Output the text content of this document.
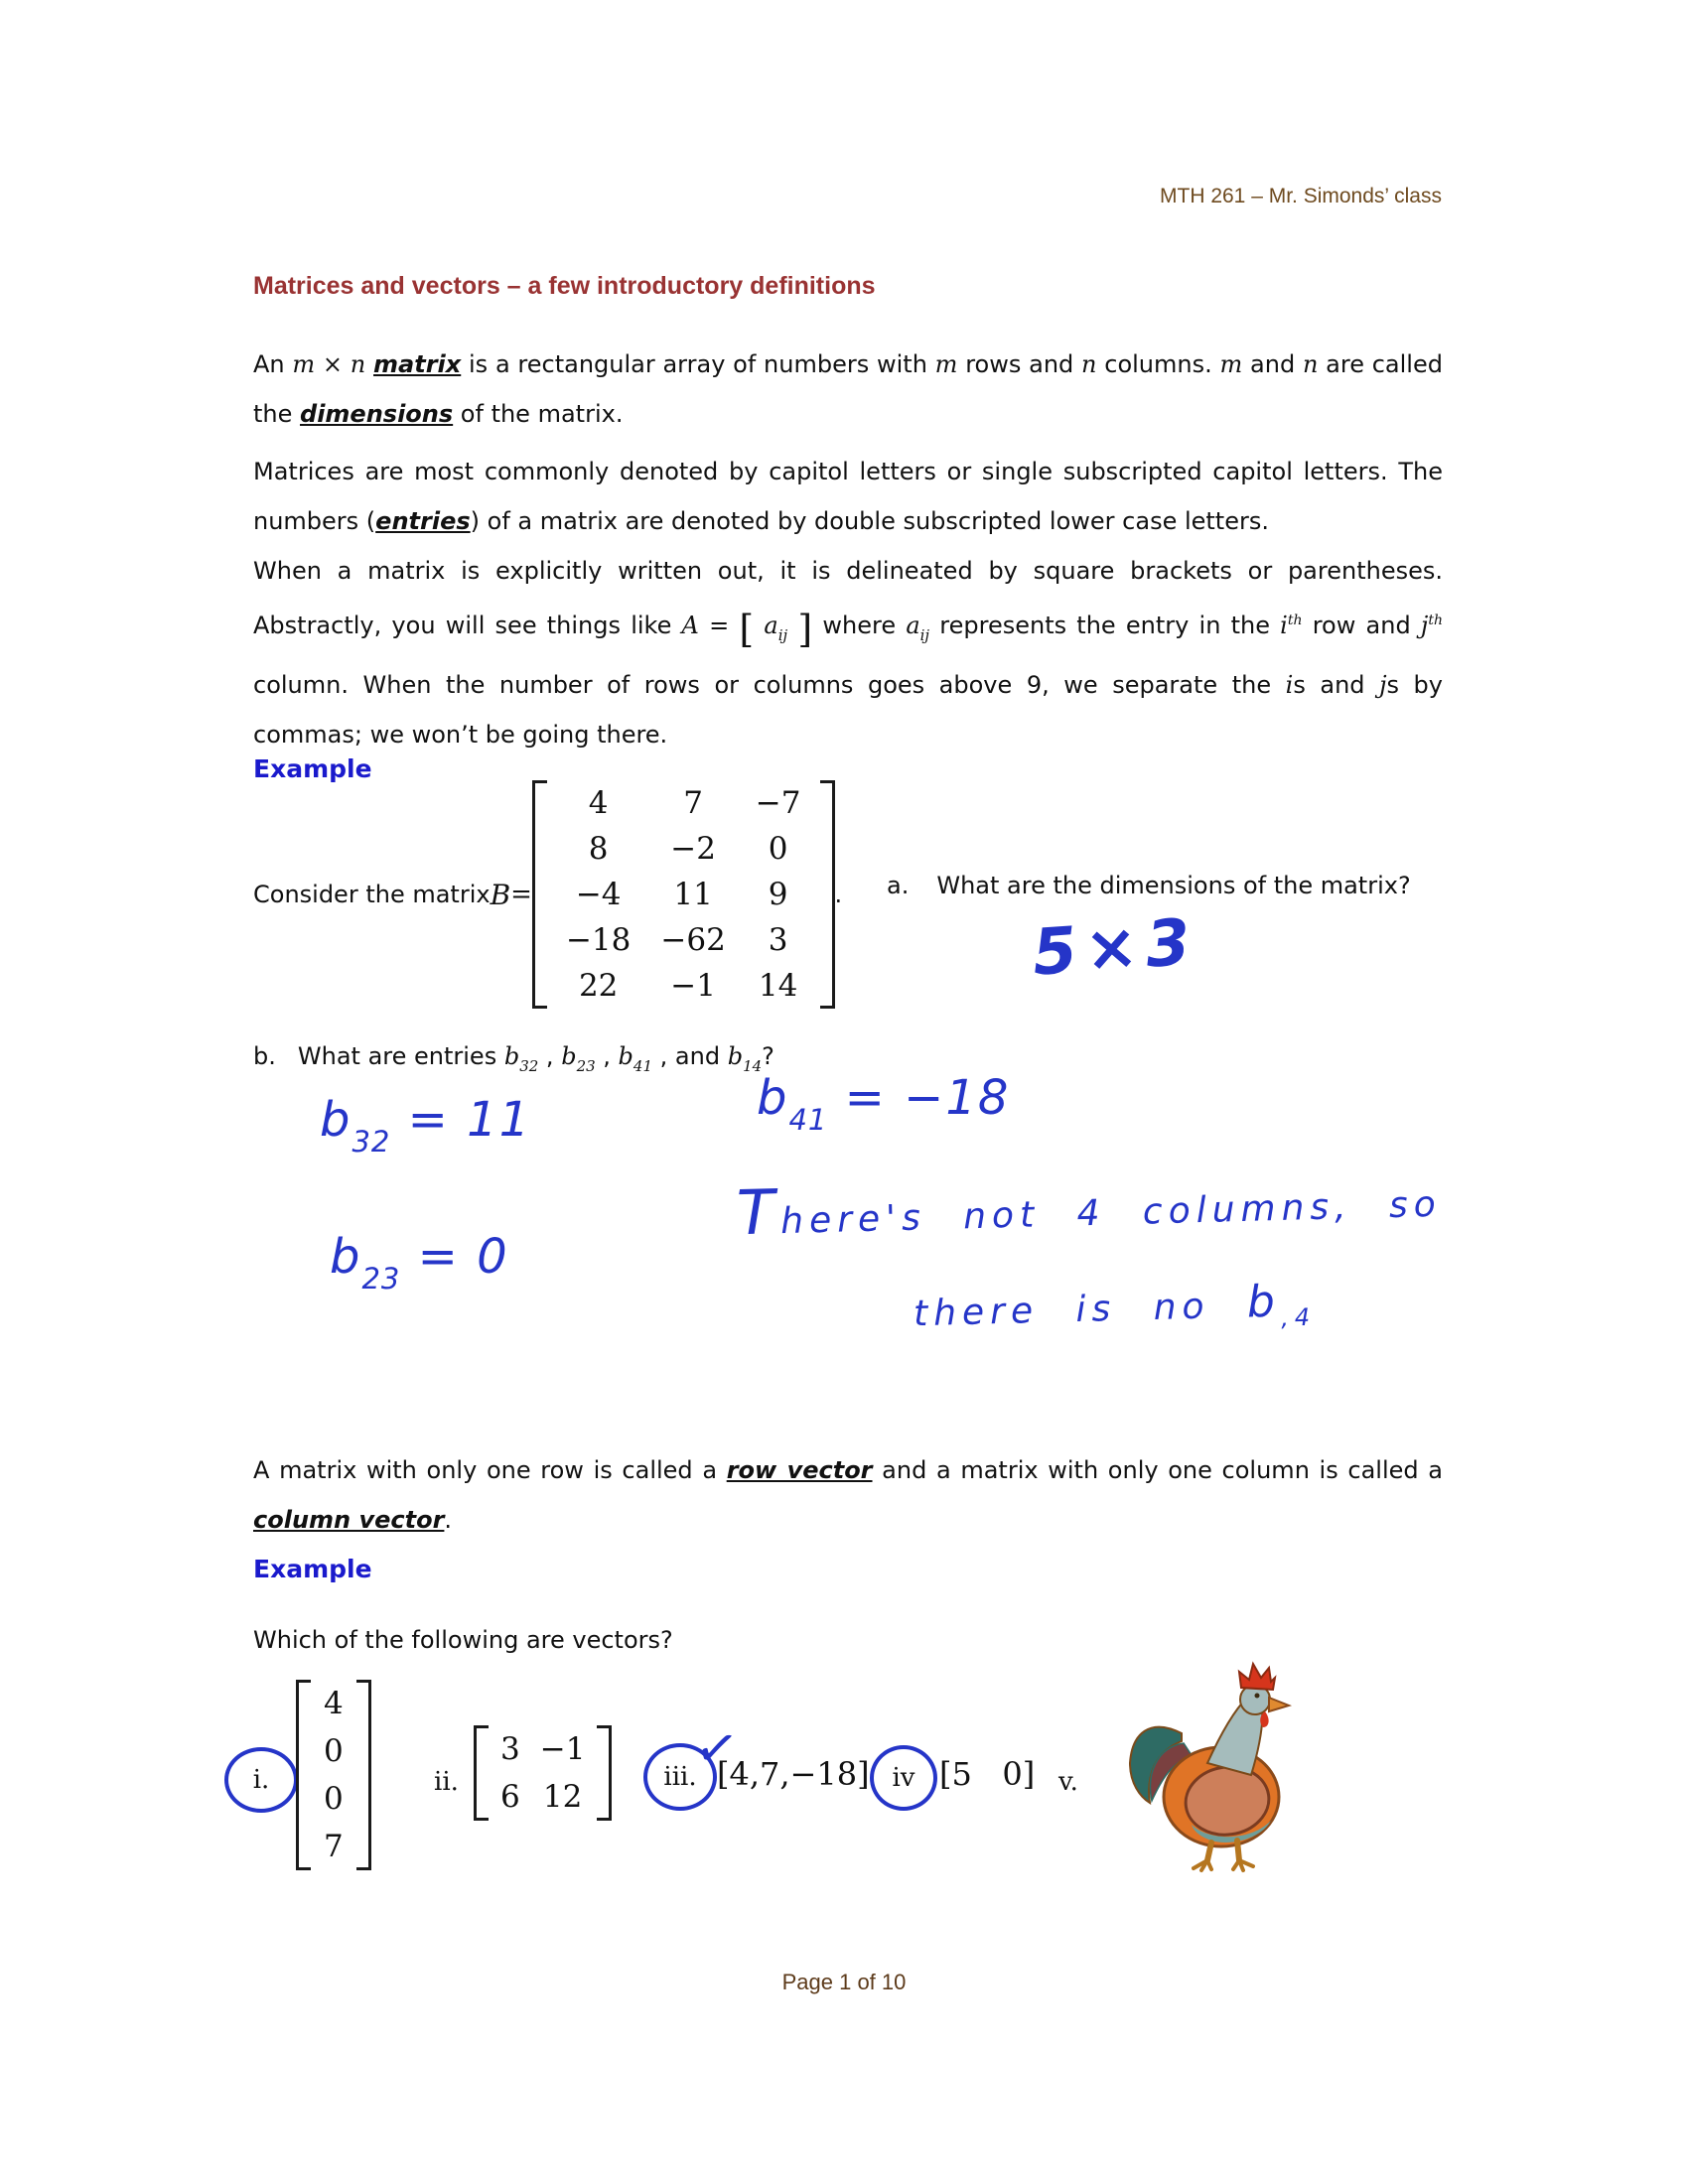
MTH 261 – Mr. Simonds’ class
Matrices and vectors – a few introductory definitions
An m × n matrix is a rectangular array of numbers with m rows and n columns. m and n are called the dimensions of the matrix.
Matrices are most commonly denoted by capitol letters or single subscripted capitol letters. The numbers (entries) of a matrix are denoted by double subscripted lower case letters.
When a matrix is explicitly written out, it is delineated by square brackets or parentheses. Abstractly, you will see things like A = [ $a_{ij}$ ] where $a_{ij}$ represents the entry in the $i^{th}$ row and $j^{th}$ column. When the number of rows or columns goes above 9, we separate the is and js by commas; we won’t be going there.
Example
Consider the matrix B =
4	7	−7
8	−2	0
−4	11	9
−18	−62	3
22	−1	14
. a. What are the dimensions of the matrix?
5×3
b. What are entries $b_{32}$ , $b_{23}$ , $b_{41}$ , and $b_{14}$?
$b_{32} = 11$
$b_{23} = 0$
$b_{41} = -18$
There's not 4 columns, so
there is no $b_{,4}$
A matrix with only one row is called a row vector and a matrix with only one column is called a column vector.
Example
Which of the following are vectors?
i.
4
0
0
7
ii.
3	−1
6	12
iii.
✓
[4,7,−18] iv [5   0] v.
Page 1 of 10
